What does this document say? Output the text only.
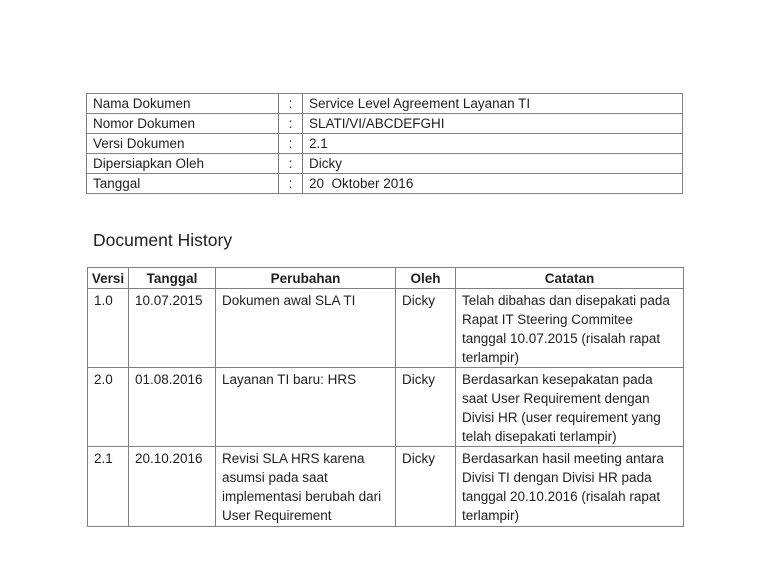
Nama Dokumen	:	Service Level Agreement Layanan TI
Nomor Dokumen	:	SLATI/VI/ABCDEFGHI
Versi Dokumen	:	2.1
Dipersiapkan Oleh	:	Dicky
Tanggal	:	20  Oktober 2016
Document History
Versi	Tanggal	Perubahan	Oleh	Catatan
1.0	10.07.2015	Dokumen awal SLA TI	Dicky	Telah dibahas dan disepakati pada Rapat IT Steering Commitee tanggal 10.07.2015 (risalah rapat terlampir)
2.0	01.08.2016	Layanan TI baru: HRS	Dicky	Berdasarkan kesepakatan pada saat User Requirement dengan Divisi HR (user requirement yang telah disepakati terlampir)
2.1	20.10.2016	Revisi SLA HRS karena asumsi pada saat implementasi berubah dari User Requirement	Dicky	Berdasarkan hasil meeting antara Divisi TI dengan Divisi HR pada tanggal 20.10.2016 (risalah rapat terlampir)
